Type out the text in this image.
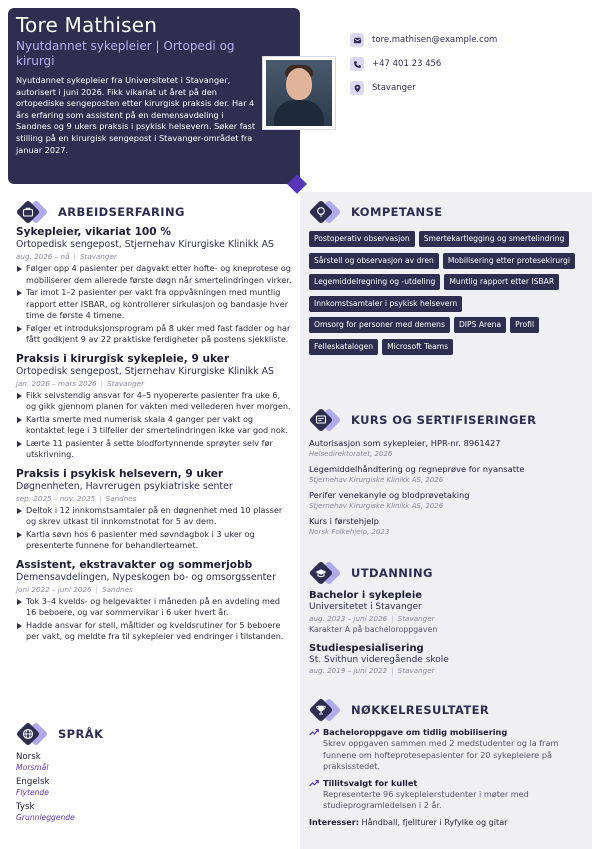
Tore Mathisen
Nyutdannet sykepleier | Ortopedi og kirurgi
Nyutdannet sykepleier fra Universitetet i Stavanger, autorisert i juni 2026. Fikk vikariat ut året på den ortopediske sengeposten etter kirurgisk praksis der. Har 4 års erfaring som assistent på en demensavdeling i Sandnes og 9 ukers praksis i psykisk helsevern. Søker fast stilling på en kirurgisk sengepost i Stavanger-området fra januar 2027.
tore.mathisen@example.com
+47 401 23 456
Stavanger
ARBEIDSERFARING
Sykepleier, vikariat 100 %
Ortopedisk sengepost, Stjernehav Kirurgiske Klinikk AS
aug. 2026 – nå | Stavanger
Følger opp 4 pasienter per dagvakt etter hofte- og kneprotese og mobiliserer dem allerede første døgn når smertelindringen virker.
Tar imot 1–2 pasienter per vakt fra oppvåkningen med muntlig rapport etter ISBAR, og kontrollerer sirkulasjon og bandasje hver time de første 4 timene.
Følger et introduksjonsprogram på 8 uker med fast fadder og har fått godkjent 9 av 22 praktiske ferdigheter på postens sjekkliste.
Praksis i kirurgisk sykepleie, 9 uker
Ortopedisk sengepost, Stjernehav Kirurgiske Klinikk AS
jan. 2026 – mars 2026 | Stavanger
Fikk selvstendig ansvar for 4–5 nyopererte pasienter fra uke 6, og gikk gjennom planen for vakten med veilederen hver morgen.
Kartla smerte med numerisk skala 4 ganger per vakt og kontaktet lege i 3 tilfeller der smertelindringen ikke var god nok.
Lærte 11 pasienter å sette blodfortynnende sprøyter selv før utskrivning.
Praksis i psykisk helsevern, 9 uker
Døgnenheten, Havrerugen psykiatriske senter
sep. 2025 – nov. 2025 | Sandnes
Deltok i 12 innkomstsamtaler på en døgnenhet med 10 plasser og skrev utkast til innkomstnotat for 5 av dem.
Kartla søvn hos 6 pasienter med søvndagbok i 3 uker og presenterte funnene for behandlerteamet.
Assistent, ekstravakter og sommerjobb
Demensavdelingen, Nypeskogen bo- og omsorgssenter
juni 2022 – juni 2026 | Sandnes
Tok 3–4 kvelds- og helgevakter i måneden på en avdeling med 16 beboere, og var sommervikar i 6 uker hvert år.
Hadde ansvar for stell, måltider og kveldsrutiner for 5 beboere per vakt, og meldte fra til sykepleier ved endringer i tilstanden.
SPRÅK
Norsk
Morsmål
Engelsk
Flytende
Tysk
Grunnleggende
KOMPETANSE
Postoperativ observasjon	Smertekartlegging og smertelindring
Sårstell og observasjon av dren	Mobilisering etter protesekirurgi
Legemiddelregning og -utdeling	Muntlig rapport etter ISBAR
Innkomstsamtaler i psykisk helsevern
Omsorg for personer med demens	DIPS Arena	Profil
Felleskatalogen	Microsoft Teams
KURS OG SERTIFISERINGER
Autorisasjon som sykepleier, HPR-nr. 8961427
Helsedirektoratet, 2026
Legemiddelhåndtering og regneprøve for nyansatte
Stjernehav Kirurgiske Klinikk AS, 2026
Perifer venekanyle og blodprøvetaking
Stjernehav Kirurgiske Klinikk AS, 2026
Kurs i førstehjelp
Norsk Folkehjelp, 2023
UTDANNING
Bachelor i sykepleie
Universitetet i Stavanger
aug. 2023 – juni 2026 | Stavanger
Karakter A på bacheloroppgaven
Studiespesialisering
St. Svithun videregående skole
aug. 2019 – juni 2022 | Stavanger
NØKKELRESULTATER
Bacheloroppgave om tidlig mobilisering
Skrev oppgaven sammen med 2 medstudenter og la fram funnene om hofteprotesepasienter for 20 sykepleiere på praksisstedet.
Tillitsvalgt for kullet
Representerte 96 sykepleierstudenter i møter med studieprogramledelsen i 2 år.
Interesser: Håndball, fjellturer i Ryfylke og gitar
